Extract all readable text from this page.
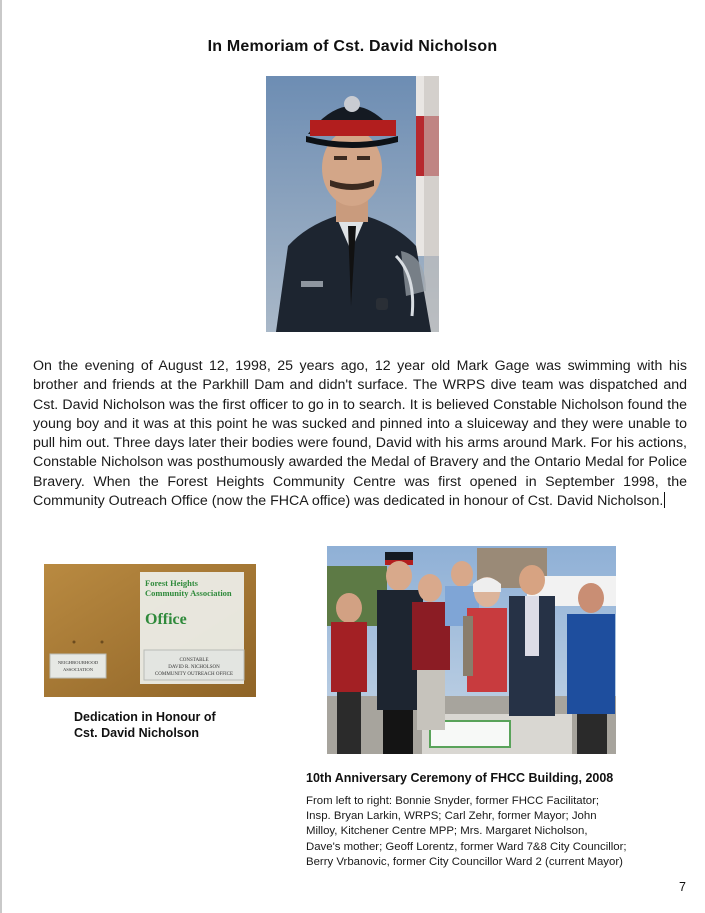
In Memoriam of Cst. David Nicholson
On the evening of August 12, 1998, 25 years ago, 12 year old Mark Gage was swimming with his brother and friends at the Parkhill Dam and didn't surface. The WRPS dive team was dispatched and Cst. David Nicholson was the first officer to go in to search. It is believed Constable Nicholson found the young boy and it was at this point he was sucked and pinned into a sluiceway and they were unable to pull him out. Three days later their bodies were found, David with his arms around Mark. For his actions, Constable Nicholson was posthumously awarded the Medal of Bravery and the Ontario Medal for Police Bravery. When the Forest Heights Community Centre was first opened in September 1998, the Community Outreach Office (now the FHCA office) was dedicated in honour of Cst. David Nicholson.
Forest Heights
Community Association
Office
CONSTABLE
DAVID R. NICHOLSON
COMMUNITY OUTREACH OFFICE
NEIGHBOURHOOD
ASSOCIATION
Dedication in Honour of
Cst. David Nicholson
10th Anniversary Ceremony of FHCC Building, 2008
From left to right: Bonnie Snyder, former FHCC Facilitator;
Insp. Bryan Larkin, WRPS; Carl Zehr, former Mayor; John
Milloy, Kitchener Centre MPP; Mrs. Margaret Nicholson,
Dave's mother; Geoff Lorentz, former Ward 7&8 City Councillor;
Berry Vrbanovic, former City Councillor Ward 2 (current Mayor)
7
